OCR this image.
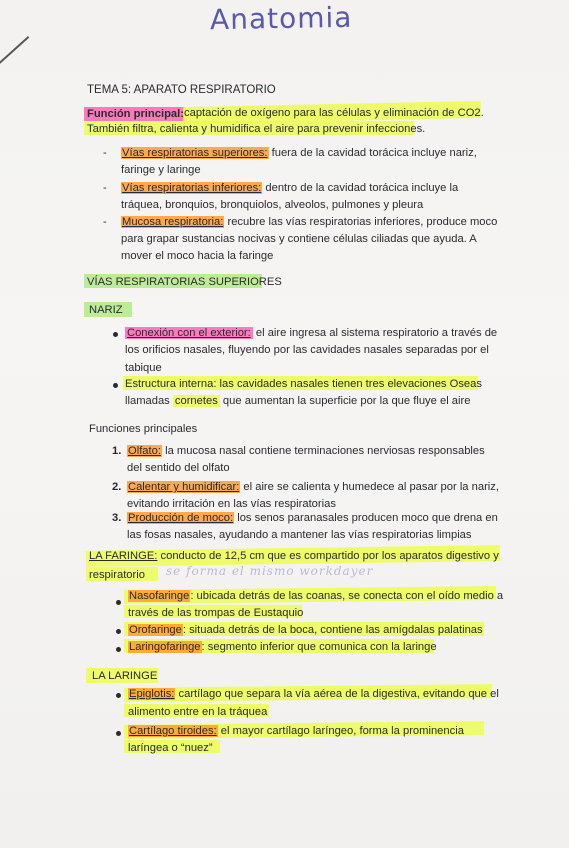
Anatomia
TEMA 5: APARATO RESPIRATORIO
Función principal: captación de oxígeno para las células y eliminación de CO2.
También filtra, calienta y humidifica el aire para prevenir infecciones.
- Vías respiratorias superiores: fuera de la cavidad torácica incluye nariz,
faringe y laringe
- Vías respiratorias inferiores: dentro de la cavidad torácica incluye la
tráquea, bronquios, bronquiolos, alveolos, pulmones y pleura
- Mucosa respiratoria: recubre las vías respiratorias inferiores, produce moco
para grapar sustancias nocivas y contiene células ciliadas que ayuda. A
mover el moco hacia la faringe
VÍAS RESPIRATORIAS SUPERIORES
NARIZ
Conexión con el exterior: el aire ingresa al sistema respiratorio a través de
los orificios nasales, fluyendo por las cavidades nasales separadas por el
tabique
Estructura interna: las cavidades nasales tienen tres elevaciones Oseas
llamadas cornetes que aumentan la superficie por la que fluye el aire
Funciones principales
1. Olfato: la mucosa nasal contiene terminaciones nerviosas responsables
del sentido del olfato
2. Calentar y humidificar: el aire se calienta y humedece al pasar por la nariz,
evitando irritación en las vías respiratorias
3. Producción de moco: los senos paranasales producen moco que drena en
las fosas nasales, ayudando a mantener las vías respiratorias limpias
LA FARINGE: conducto de 12,5 cm que es compartido por los aparatos digestivo y
respiratorio se forma el mismo workdayer
Nasofaringe: ubicada detrás de las coanas, se conecta con el oído medio a
través de las trompas de Eustaquio
Orofaringe: situada detrás de la boca, contiene las amígdalas palatinas
Laringofaringe: segmento inferior que comunica con la laringe
LA LARINGE
Epiglotis: cartílago que separa la vía aérea de la digestiva, evitando que el
alimento entre en la tráquea
Cartílago tiroides: el mayor cartílago laríngeo, forma la prominencia
laríngea o “nuez”
